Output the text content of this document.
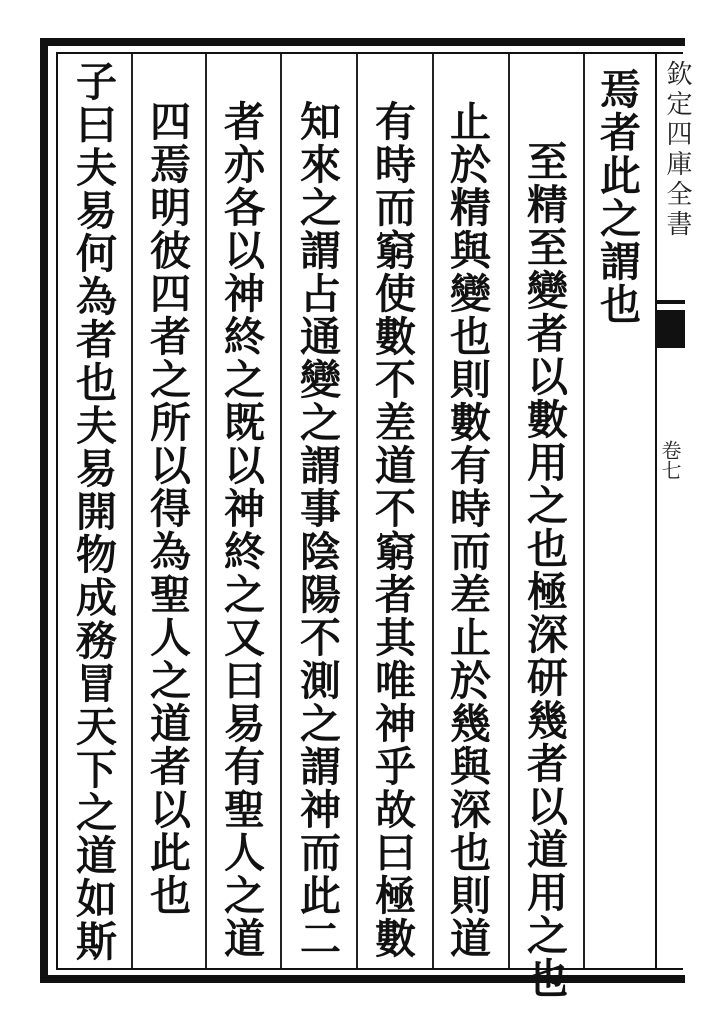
焉者此之謂也
至精至變者以數用之也極深研幾者以道用之也
止於精與變也則數有時而差止於幾與深也則道
有時而窮使數不差道不窮者其唯神乎故曰極數
知來之謂占通變之謂事陰陽不測之謂神而此二
者亦各以神終之既以神終之又曰易有聖人之道
四焉明彼四者之所以得為聖人之道者以此也
子曰夫易何為者也夫易開物成務冒天下之道如斯	欽定四庫全書
卷七
